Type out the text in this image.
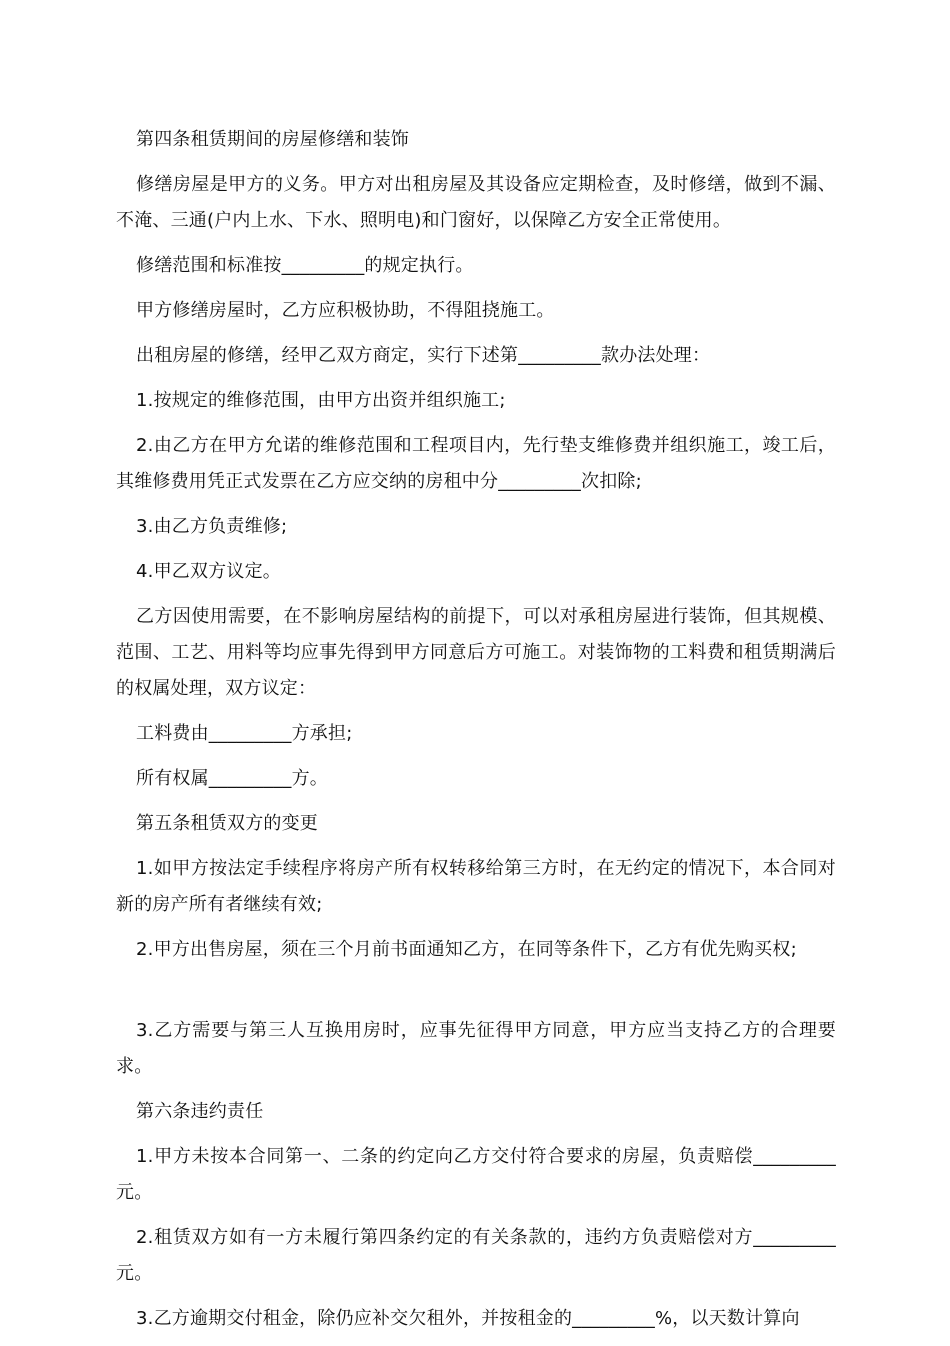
第四条租赁期间的房屋修缮和装饰

修缮房屋是甲方的义务。甲方对出租房屋及其设备应定期检查，及时修缮，做到不漏、不淹、三通(户内上水、下水、照明电)和门窗好，以保障乙方安全正常使用。

修缮范围和标准按_________的规定执行。

甲方修缮房屋时，乙方应积极协助，不得阻挠施工。

出租房屋的修缮，经甲乙双方商定，实行下述第_________款办法处理：

1.按规定的维修范围，由甲方出资并组织施工;

2.由乙方在甲方允诺的维修范围和工程项目内，先行垫支维修费并组织施工，竣工后，其维修费用凭正式发票在乙方应交纳的房租中分_________次扣除;

3.由乙方负责维修;

4.甲乙双方议定。

乙方因使用需要，在不影响房屋结构的前提下，可以对承租房屋进行装饰，但其规模、范围、工艺、用料等均应事先得到甲方同意后方可施工。对装饰物的工料费和租赁期满后的权属处理，双方议定：

工料费由_________方承担;

所有权属_________方。

第五条租赁双方的变更

1.如甲方按法定手续程序将房产所有权转移给第三方时，在无约定的情况下，本合同对新的房产所有者继续有效;

2.甲方出售房屋，须在三个月前书面通知乙方，在同等条件下，乙方有优先购买权;

3.乙方需要与第三人互换用房时，应事先征得甲方同意，甲方应当支持乙方的合理要求。

第六条违约责任

1.甲方未按本合同第一、二条的约定向乙方交付符合要求的房屋，负责赔偿_________元。

2.租赁双方如有一方未履行第四条约定的有关条款的，违约方负责赔偿对方_________元。

3.乙方逾期交付租金，除仍应补交欠租外，并按租金的_________%，以天数计算向
